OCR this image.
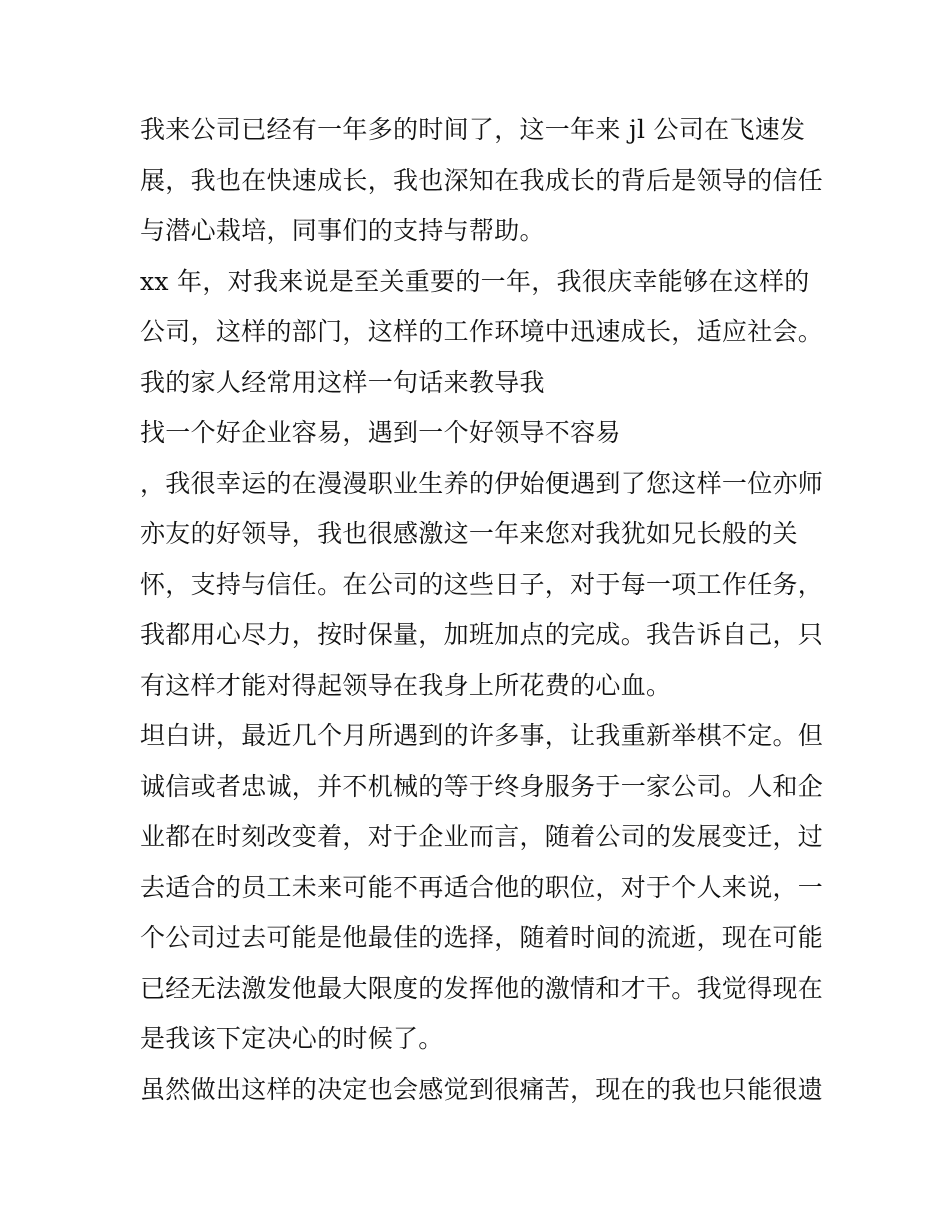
我来公司已经有一年多的时间了，这一年来 jl 公司在飞速发
展，我也在快速成长，我也深知在我成长的背后是领导的信任
与潜心栽培，同事们的支持与帮助。
xx 年，对我来说是至关重要的一年，我很庆幸能够在这样的
公司，这样的部门，这样的工作环境中迅速成长，适应社会。
我的家人经常用这样一句话来教导我
找一个好企业容易，遇到一个好领导不容易
，我很幸运的在漫漫职业生养的伊始便遇到了您这样一位亦师
亦友的好领导，我也很感激这一年来您对我犹如兄长般的关
怀，支持与信任。在公司的这些日子，对于每一项工作任务，
我都用心尽力，按时保量，加班加点的完成。我告诉自己，只
有这样才能对得起领导在我身上所花费的心血。
坦白讲，最近几个月所遇到的许多事，让我重新举棋不定。但
诚信或者忠诚，并不机械的等于终身服务于一家公司。人和企
业都在时刻改变着，对于企业而言，随着公司的发展变迁，过
去适合的员工未来可能不再适合他的职位，对于个人来说，一
个公司过去可能是他最佳的选择，随着时间的流逝，现在可能
已经无法激发他最大限度的发挥他的激情和才干。我觉得现在
是我该下定决心的时候了。
虽然做出这样的决定也会感觉到很痛苦，现在的我也只能很遗
